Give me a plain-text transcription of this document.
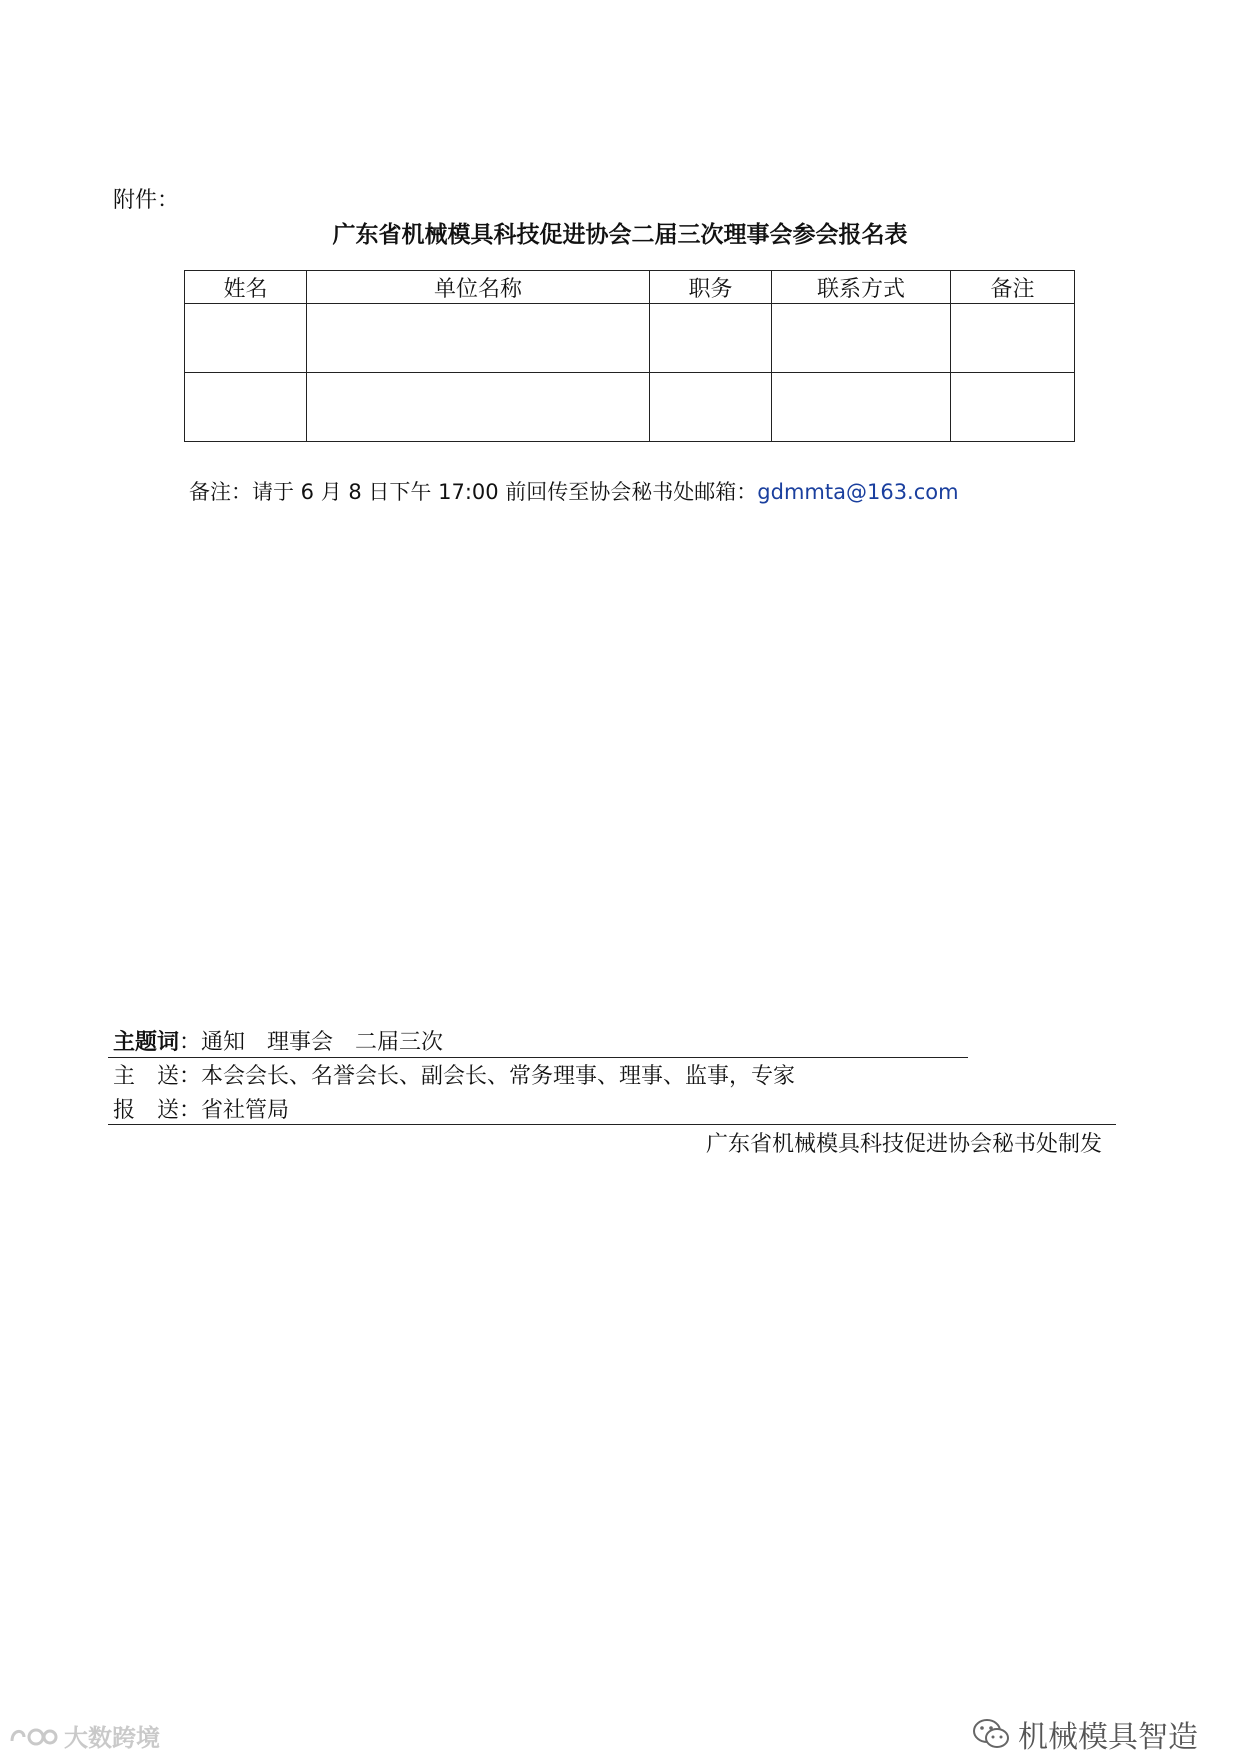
附件：
广东省机械模具科技促进协会二届三次理事会参会报名表
姓名	单位名称	职务	联系方式	备注

备注：请于 6 月 8 日下午 17:00 前回传至协会秘书处邮箱：gdmmta@163.com
主题词：通知　理事会　二届三次
主　送：本会会长、名誉会长、副会长、常务理事、理事、监事，专家
报　送：省社管局
广东省机械模具科技促进协会秘书处制发
机械模具智造
大数跨境
